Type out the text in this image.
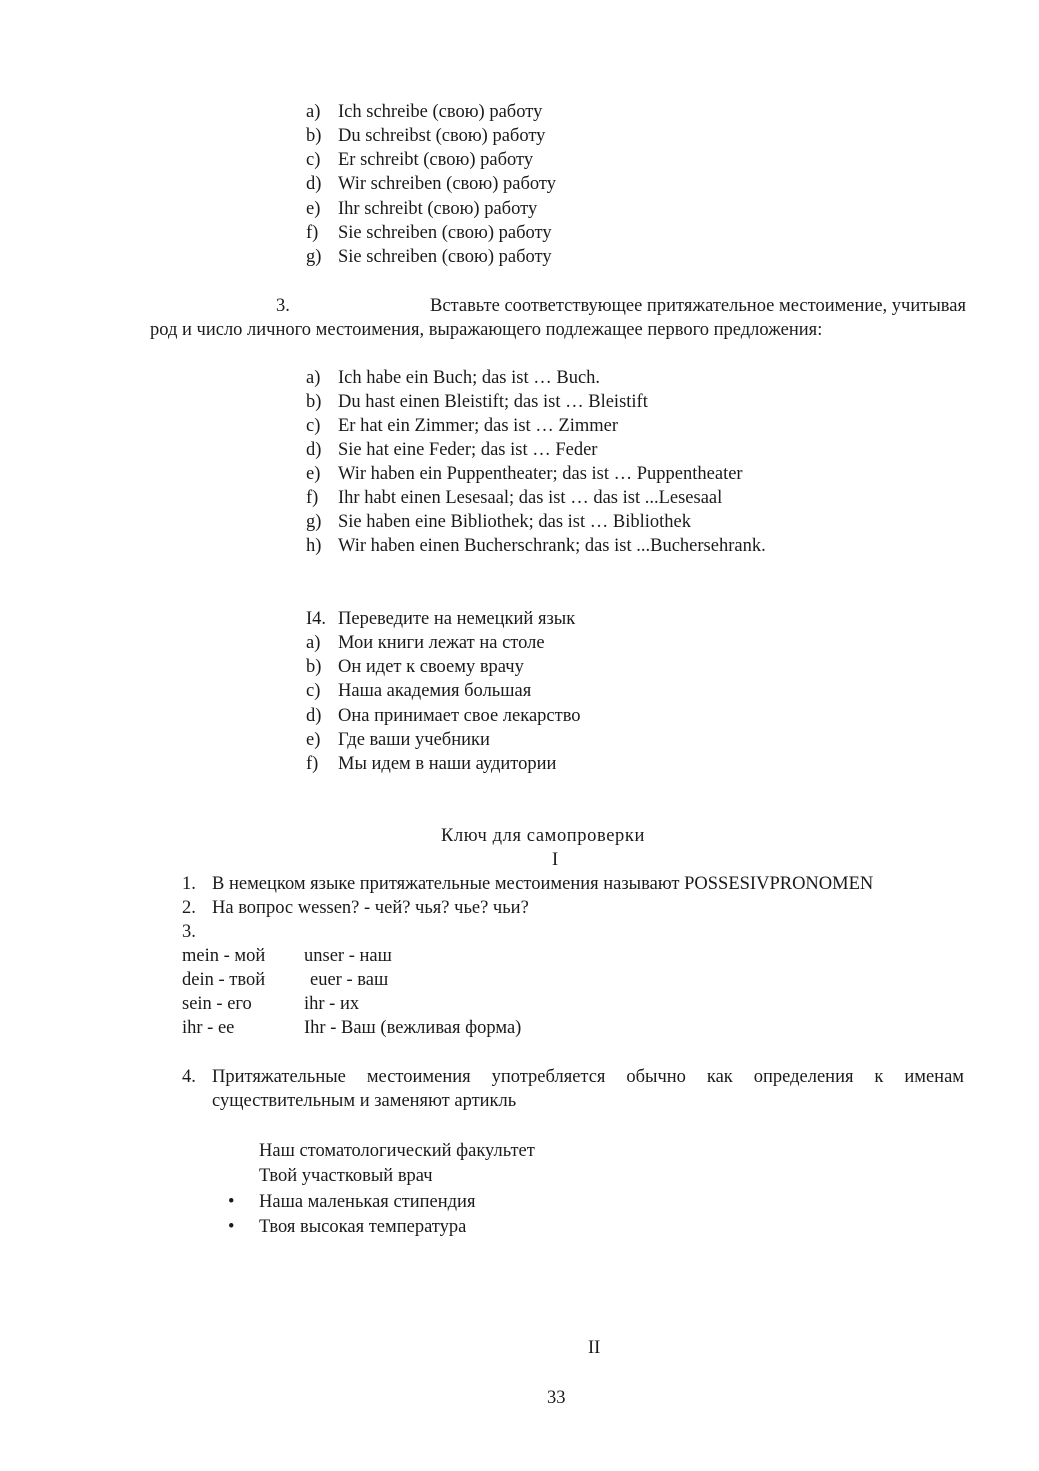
a) Ich schreibe (свою) работу
b) Du schreibst (свою) работу
c) Er schreibt (свою) работу
d) Wir schreiben (свою) работу
e) Ihr schreibt (свою) работу
f) Sie schreiben (свою) работу
g) Sie schreiben (свою) работу
3.	Вставьте соответствующее притяжательное местоимение, учитывая
род и число личного местоимения, выражающего подлежащее первого предложения:
a) Ich habe ein Buch; das ist … Buch.
b) Du hast einen Bleistift; das ist … Bleistift
c) Er hat ein Zimmer; das ist … Zimmer
d) Sie hat eine Feder; das ist … Feder
e) Wir haben ein Puppentheater; das ist … Puppentheater
f) Ihr habt einen Lesesaal; das ist … das ist ...Lesesaal
g) Sie haben eine Bibliothek; das ist … Bibliothek
h) Wir haben einen Bucherschrank; das ist ...Buchersehrank.
I4. Переведите на немецкий язык
a) Мои книги лежат на столе
b) Он идет к своему врачу
c) Наша академия большая
d) Она принимает свое лекарство
e) Где ваши учебники
f) Мы идем в наши аудитории
Ключ для самопроверки
I
1. В немецком языке притяжательные местоимения называют POSSESIVPRONOMEN
2. На вопрос wessen? - чей? чья? чье? чьи?
3.
mein - мой
dein - твой
sein - его
ihr - ее
unser - наш
euer - ваш
ihr - их
Ihr - Ваш (вежливая форма)
4. Притяжательные местоимения употребляется обычно как определения к именам
существительным и заменяют артикль
Наш стоматологический факультет
Твой участковый врач
• Наша маленькая стипендия
• Твоя высокая температура
II
33
